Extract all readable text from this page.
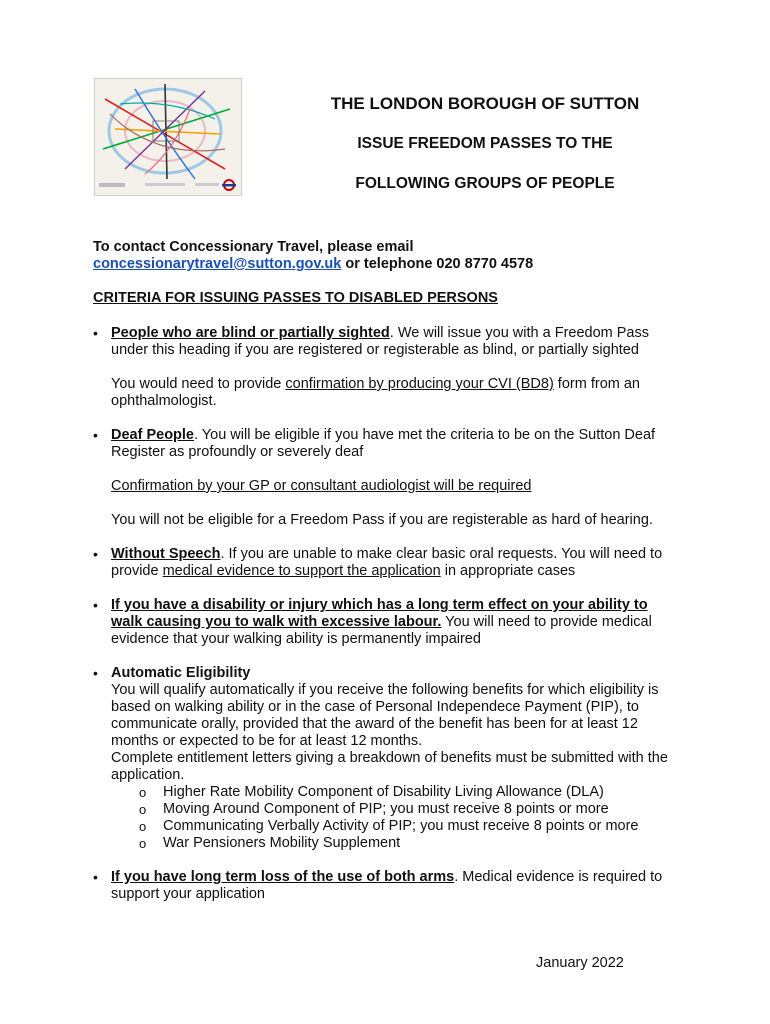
THE LONDON BOROUGH OF SUTTON
ISSUE FREEDOM PASSES TO THE
FOLLOWING GROUPS OF PEOPLE
To contact Concessionary Travel, please email
concessionarytravel@sutton.gov.uk or telephone 020 8770 4578
CRITERIA FOR ISSUING PASSES TO DISABLED PERSONS
• People who are blind or partially sighted. We will issue you with a Freedom Pass under this heading if you are registered or registerable as blind, or partially sighted
You would need to provide confirmation by producing your CVI (BD8) form from an ophthalmologist.
• Deaf People. You will be eligible if you have met the criteria to be on the Sutton Deaf Register as profoundly or severely deaf
Confirmation by your GP or consultant audiologist will be required
You will not be eligible for a Freedom Pass if you are registerable as hard of hearing.
• Without Speech. If you are unable to make clear basic oral requests. You will need to provide medical evidence to support the application in appropriate cases
• If you have a disability or injury which has a long term effect on your ability to walk causing you to walk with excessive labour. You will need to provide medical evidence that your walking ability is permanently impaired
• Automatic Eligibility
You will qualify automatically if you receive the following benefits for which eligibility is based on walking ability or in the case of Personal Independece Payment (PIP), to communicate orally, provided that the award of the benefit has been for at least 12 months or expected to be for at least 12 months.
Complete entitlement letters giving a breakdown of benefits must be submitted with the application.
o Higher Rate Mobility Component of Disability Living Allowance (DLA)
o Moving Around Component of PIP; you must receive 8 points or more
o Communicating Verbally Activity of PIP; you must receive 8 points or more
o War Pensioners Mobility Supplement
• If you have long term loss of the use of both arms. Medical evidence is required to support your application
January 2022
